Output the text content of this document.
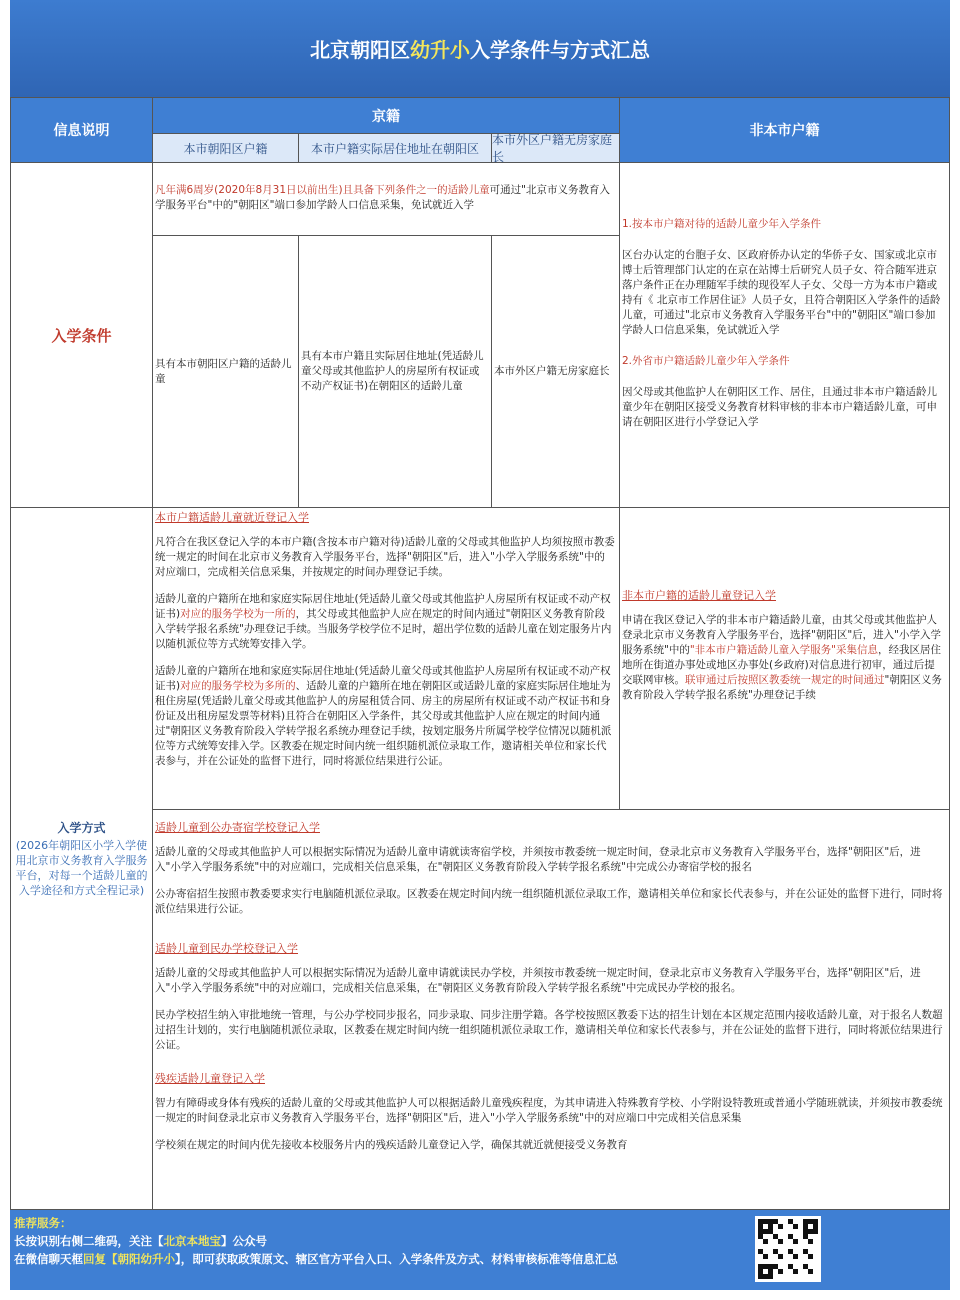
北京朝阳区 幼升小 入学条件与方式汇总
信息说明
京籍
非本市户籍
本市朝阳区户籍	本市户籍实际居住地址在朝阳区
本市外区户籍无房家庭长
入学条件
凡年满6周岁(2020年8月31日以前出生)且具备下列条件之一的适龄儿童可通过"北京市义务教育入学服务平台"中的"朝阳区"端口参加学龄人口信息采集，免试就近入学
具有本市朝阳区户籍的适龄儿童
具有本市户籍且实际居住地址(凭适龄儿童父母或其他监护人的房屋所有权证或不动产权证书)在朝阳区的适龄儿童
本市外区户籍无房家庭长
1.按本市户籍对待的适龄儿童少年入学条件
区台办认定的台胞子女、区政府侨办认定的华侨子女、国家或北京市博士后管理部门认定的在京在站博士后研究人员子女、符合随军进京落户条件正在办理随军手续的现役军人子女、父母一方为本市户籍或持有《 北京市工作居住证》人员子女，且符合朝阳区入学条件的适龄儿童，可通过"北京市义务教育入学服务平台"中的"朝阳区"端口参加学龄人口信息采集，免试就近入学
2.外省市户籍适龄儿童少年入学条件
因父母或其他监护人在朝阳区工作、居住，且通过非本市户籍适龄儿童少年在朝阳区接受义务教育材料审核的非本市户籍适龄儿童，可申请在朝阳区进行小学登记入学
入学方式
(2026年朝阳区小学入学使用北京市义务教育入学服务平台，对每一个适龄儿童的入学途径和方式全程记录)
本市户籍适龄儿童就近登记入学
凡符合在我区登记入学的本市户籍(含按本市户籍对待)适龄儿童的父母或其他监护人均须按照市教委统一规定的时间在北京市义务教育入学服务平台，选择"朝阳区"后，进入"小学入学服务系统"中的对应端口，完成相关信息采集，并按规定的时间办理登记手续。
适龄儿童的户籍所在地和家庭实际居住地址(凭适龄儿童父母或其他监护人房屋所有权证或不动产权证书)对应的服务学校为一所的，其父母或其他监护人应在规定的时间内通过"朝阳区义务教育阶段入学转学报名系统"办理登记手续。当服务学校学位不足时，超出学位数的适龄儿童在划定服务片内以随机派位等方式统筹安排入学。
适龄儿童的户籍所在地和家庭实际居住地址(凭适龄儿童父母或其他监护人房屋所有权证或不动产权证书)对应的服务学校为多所的、适龄儿童的户籍所在地在朝阳区或适龄儿童的家庭实际居住地址为租住房屋(凭适龄儿童父母或其他监护人的房屋租赁合同、房主的房屋所有权证或不动产权证书和身份证及出租房屋发票等材料)且符合在朝阳区入学条件，其父母或其他监护人应在规定的时间内通过"朝阳区义务教育阶段入学转学报名系统办理登记手续，按划定服务片所属学校学位情况以随机派位等方式统筹安排入学。区教委在规定时间内统一组织随机派位录取工作，邀请相关单位和家长代表参与，并在公证处的监督下进行，同时将派位结果进行公证。
非本市户籍的适龄儿童登记入学
申请在我区登记入学的非本市户籍适龄儿童，由其父母或其他监护人登录北京市义务教育入学服务平台，选择"朝阳区"后，进入"小学入学服务系统"中的"非本市户籍适龄儿童入学服务"采集信息，经我区居住地所在街道办事处或地区办事处(乡政府)对信息进行初审，通过后提交联网审核。联审通过后按照区教委统一规定的时间通过"朝阳区义务教育阶段入学转学报名系统"办理登记手续
适龄儿童到公办寄宿学校登记入学
适龄儿童的父母或其他监护人可以根据实际情况为适龄儿童申请就读寄宿学校，并须按市教委统一规定时间，登录北京市义务教育入学服务平台，选择"朝阳区"后，进入"小学入学服务系统"中的对应端口，完成相关信息采集，在"朝阳区义务教育阶段入学转学报名系统"中完成公办寄宿学校的报名
公办寄宿招生按照市教委要求实行电脑随机派位录取。区教委在规定时间内统一组织随机派位录取工作，邀请相关单位和家长代表参与，并在公证处的监督下进行，同时将派位结果进行公证。
适龄儿童到民办学校登记入学
适龄儿童的父母或其他监护人可以根据实际情况为适龄儿童申请就读民办学校，并须按市教委统一规定时间，登录北京市义务教育入学服务平台，选择"朝阳区"后，进入"小学入学服务系统"中的对应端口，完成相关信息采集，在"朝阳区义务教育阶段入学转学报名系统"中完成民办学校的报名。
民办学校招生纳入审批地统一管理，与公办学校同步报名，同步录取、同步注册学籍。各学校按照区教委下达的招生计划在本区规定范围内接收适龄儿童，对于报名人数超过招生计划的，实行电脑随机派位录取，区教委在规定时间内统一组织随机派位录取工作，邀请相关单位和家长代表参与，并在公证处的监督下进行，同时将派位结果进行公证。
残疾适龄儿童登记入学
智力有障碍或身体有残疾的适龄儿童的父母或其他监护人可以根据适龄儿童残疾程度，为其申请进入特殊教育学校、小学附设特教班或普通小学随班就读，并须按市教委统一规定的时间登录北京市义务教育入学服务平台，选择"朝阳区"后，进入"小学入学服务系统"中的对应端口中完成相关信息采集
学校须在规定的时间内优先接收本校服务片内的残疾适龄儿童登记入学，确保其就近就便接受义务教育
推荐服务：
长按识别右侧二维码，关注【北京本地宝】公众号
在微信聊天框回复【朝阳幼升小】，即可获取政策原文、辖区官方平台入口、入学条件及方式、材料审核标准等信息汇总
